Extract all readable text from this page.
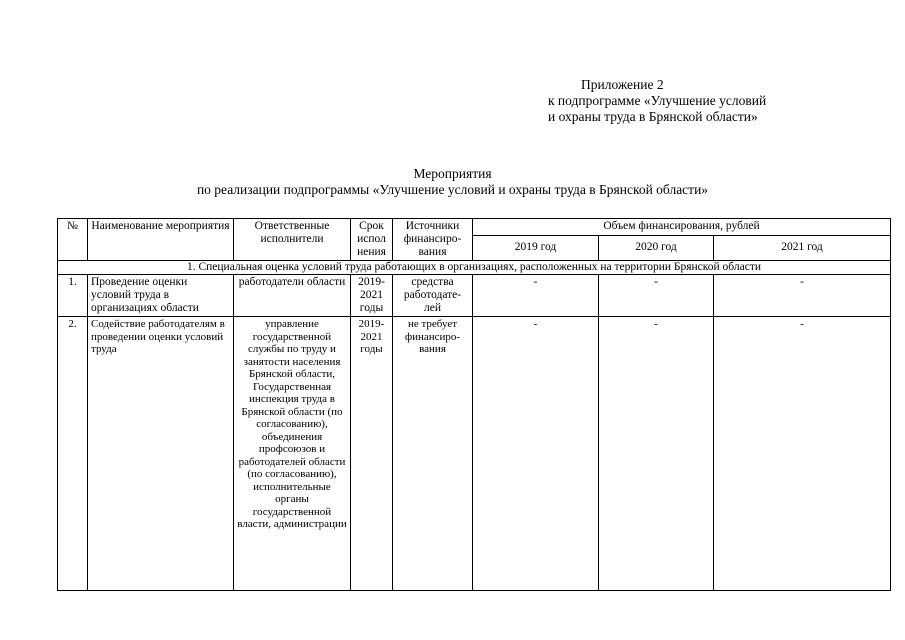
Приложение 2
к подпрограмме «Улучшение условий
и охраны труда в Брянской области»
Мероприятия
по реализации подпрограммы «Улучшение условий и охраны труда в Брянской области»
№	Наименование мероприятия	Ответственные исполнители	Срок испол нения	Источники финансиро-вания	Объем финансирования, рублей		
					2019 год	2020 год	2021 год
1. Специальная оценка условий труда работающих в организациях, расположенных на территории Брянской области							
1.	Проведение оценки условий труда в организациях области	работодатели области	2019-2021 годы	средства работодате-лей	-	-	-
2.	Содействие работодателям в проведении оценки условий труда	управление государственной службы по труду и занятости населения Брянской области, Государственная инспекция труда в Брянской области (по согласованию), объединения профсоюзов и работодателей области (по согласованию), исполнительные органы государственной власти, администрации	2019-2021 годы	не требует финансиро-вания	-	-	-
